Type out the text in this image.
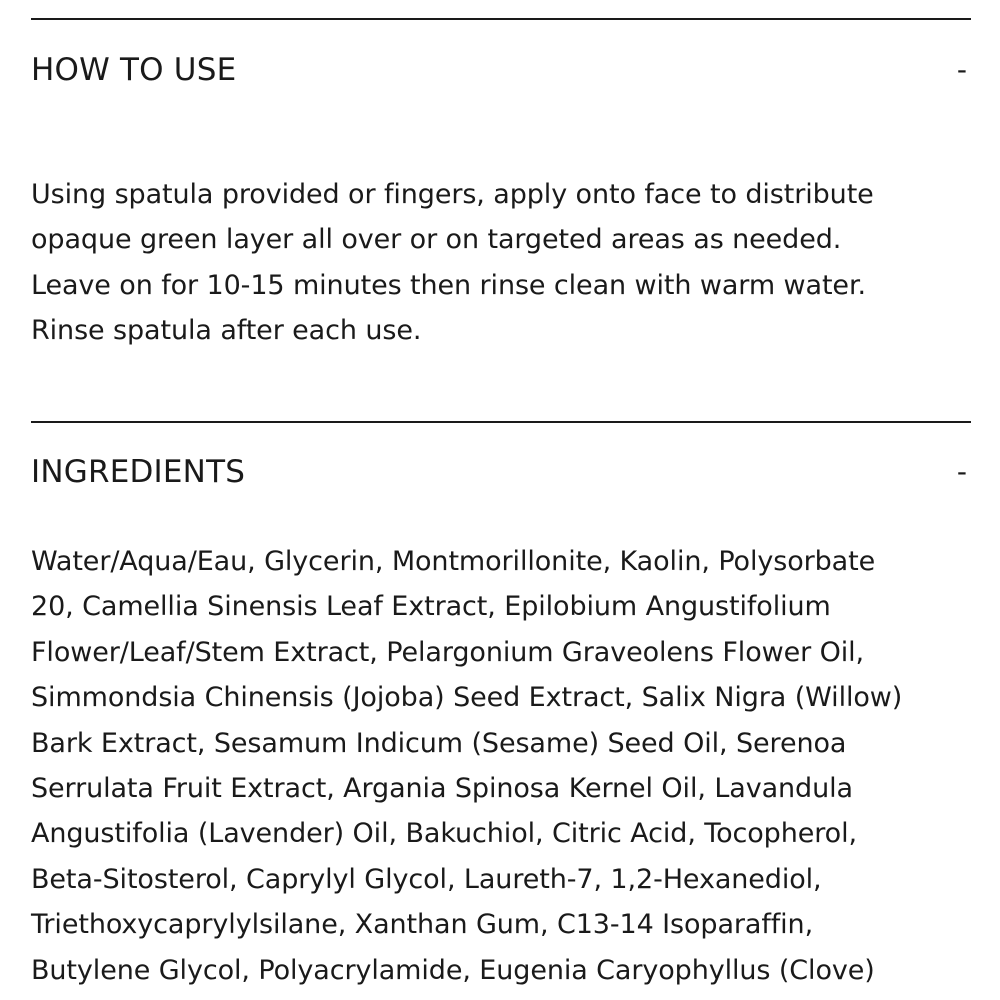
HOW TO USE	-
Using spatula provided or fingers, apply onto face to distribute
opaque green layer all over or on targeted areas as needed.
Leave on for 10-15 minutes then rinse clean with warm water.
Rinse spatula after each use.
INGREDIENTS	-
Water/Aqua/Eau, Glycerin, Montmorillonite, Kaolin, Polysorbate
20, Camellia Sinensis Leaf Extract, Epilobium Angustifolium
Flower/Leaf/Stem Extract, Pelargonium Graveolens Flower Oil,
Simmondsia Chinensis (Jojoba) Seed Extract, Salix Nigra (Willow)
Bark Extract, Sesamum Indicum (Sesame) Seed Oil, Serenoa
Serrulata Fruit Extract, Argania Spinosa Kernel Oil, Lavandula
Angustifolia (Lavender) Oil, Bakuchiol, Citric Acid, Tocopherol,
Beta-Sitosterol, Caprylyl Glycol, Laureth-7, 1,2-Hexanediol,
Triethoxycaprylylsilane, Xanthan Gum, C13-14 Isoparaffin,
Butylene Glycol, Polyacrylamide, Eugenia Caryophyllus (Clove)
